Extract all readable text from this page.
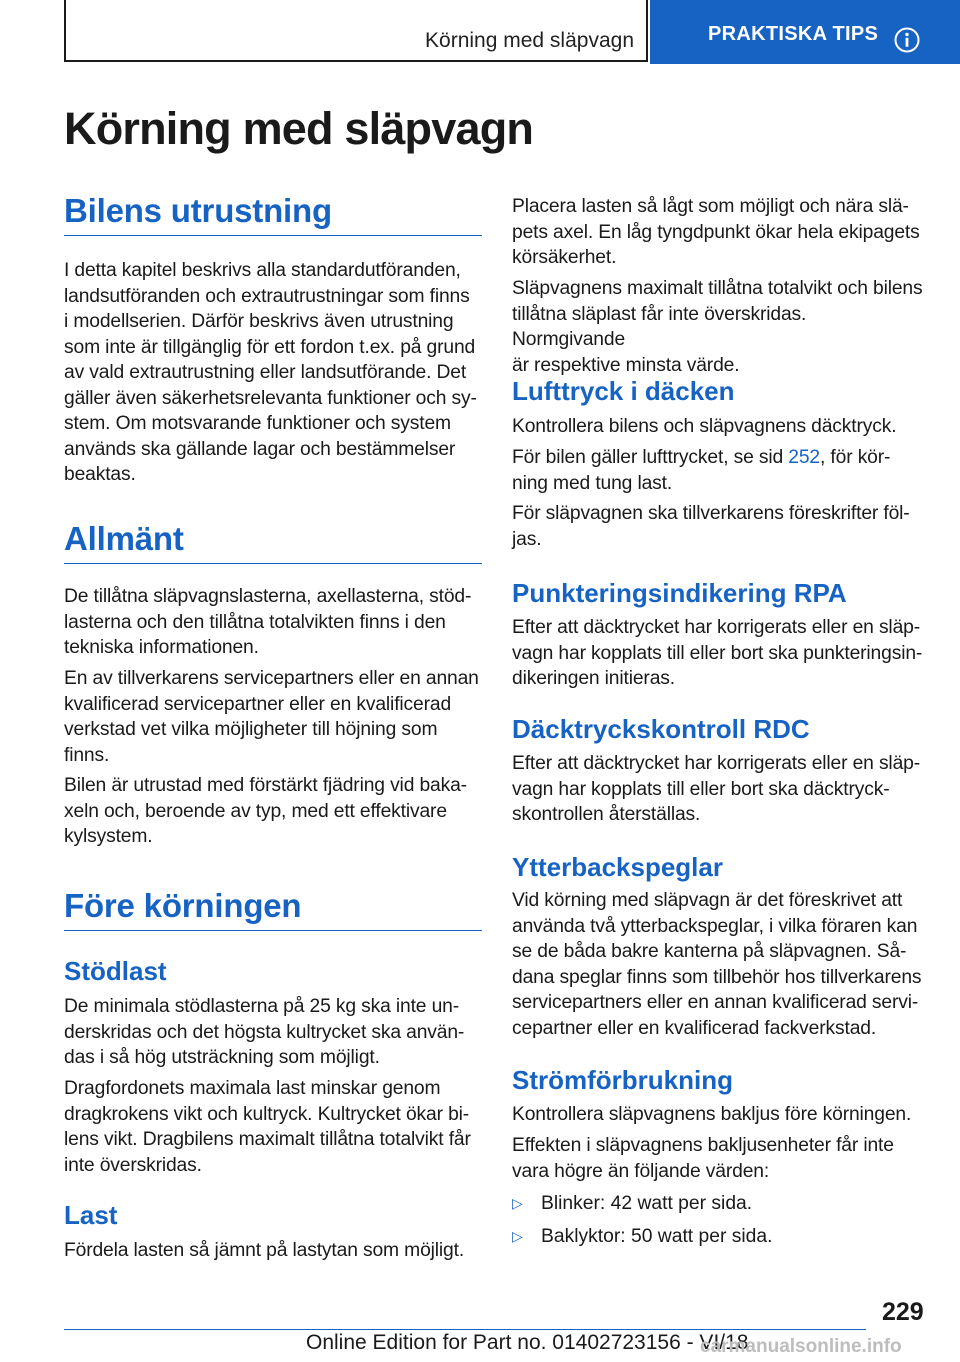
Körning med släpvagn	PRAKTISKA TIPS
Körning med släpvagn
Bilens utrustning
I detta kapitel beskrivs alla standardutföranden,
landsutföranden och extrautrustningar som finns
i modellserien. Därför beskrivs även utrustning
som inte är tillgänglig för ett fordon t.ex. på grund
av vald extrautrustning eller landsutförande. Det
gäller även säkerhetsrelevanta funktioner och sy‐
stem. Om motsvarande funktioner och system
används ska gällande lagar och bestämmelser
beaktas.
Allmänt
De tillåtna släpvagnslasterna, axellasterna, stöd‐
lasterna och den tillåtna totalvikten finns i den
tekniska informationen.
En av tillverkarens servicepartners eller en annan
kvalificerad servicepartner eller en kvalificerad
verkstad vet vilka möjligheter till höjning som
finns.
Bilen är utrustad med förstärkt fjädring vid baka‐
xeln och, beroende av typ, med ett effektivare
kylsystem.
Före körningen
Stödlast
De minimala stödlasterna på 25 kg ska inte un‐
derskridas och det högsta kultrycket ska använ‐
das i så hög utsträckning som möjligt.
Dragfordonets maximala last minskar genom
dragkrokens vikt och kultryck. Kultrycket ökar bi‐
lens vikt. Dragbilens maximalt tillåtna totalvikt får
inte överskridas.
Last
Fördela lasten så jämnt på lastytan som möjligt.
Placera lasten så lågt som möjligt och nära slä‐
pets axel. En låg tyngdpunkt ökar hela ekipagets
körsäkerhet.
Släpvagnens maximalt tillåtna totalvikt och bilens
tillåtna släplast får inte överskridas. Normgivande
är respektive minsta värde.
Lufttryck i däcken
Kontrollera bilens och släpvagnens däcktryck.
För bilen gäller lufttrycket, se sid 252, för kör‐
ning med tung last.
För släpvagnen ska tillverkarens föreskrifter föl‐
jas.
Punkteringsindikering RPA
Efter att däcktrycket har korrigerats eller en släp‐
vagn har kopplats till eller bort ska punkteringsin‐
dikeringen initieras.
Däcktryckskontroll RDC
Efter att däcktrycket har korrigerats eller en släp‐
vagn har kopplats till eller bort ska däcktryck‐
skontrollen återställas.
Ytterbackspeglar
Vid körning med släpvagn är det föreskrivet att
använda två ytterbackspeglar, i vilka föraren kan
se de båda bakre kanterna på släpvagnen. Så‐
dana speglar finns som tillbehör hos tillverkarens
servicepartners eller en annan kvalificerad servi‐
cepartner eller en kvalificerad fackverkstad.
Strömförbrukning
Kontrollera släpvagnens bakljus före körningen.
Effekten i släpvagnens bakljusenheter får inte
vara högre än följande värden:
▷ Blinker: 42 watt per sida.
▷ Baklyktor: 50 watt per sida.
229
Online Edition for Part no. 01402723156 - VI/18
carmanualsonline.info
